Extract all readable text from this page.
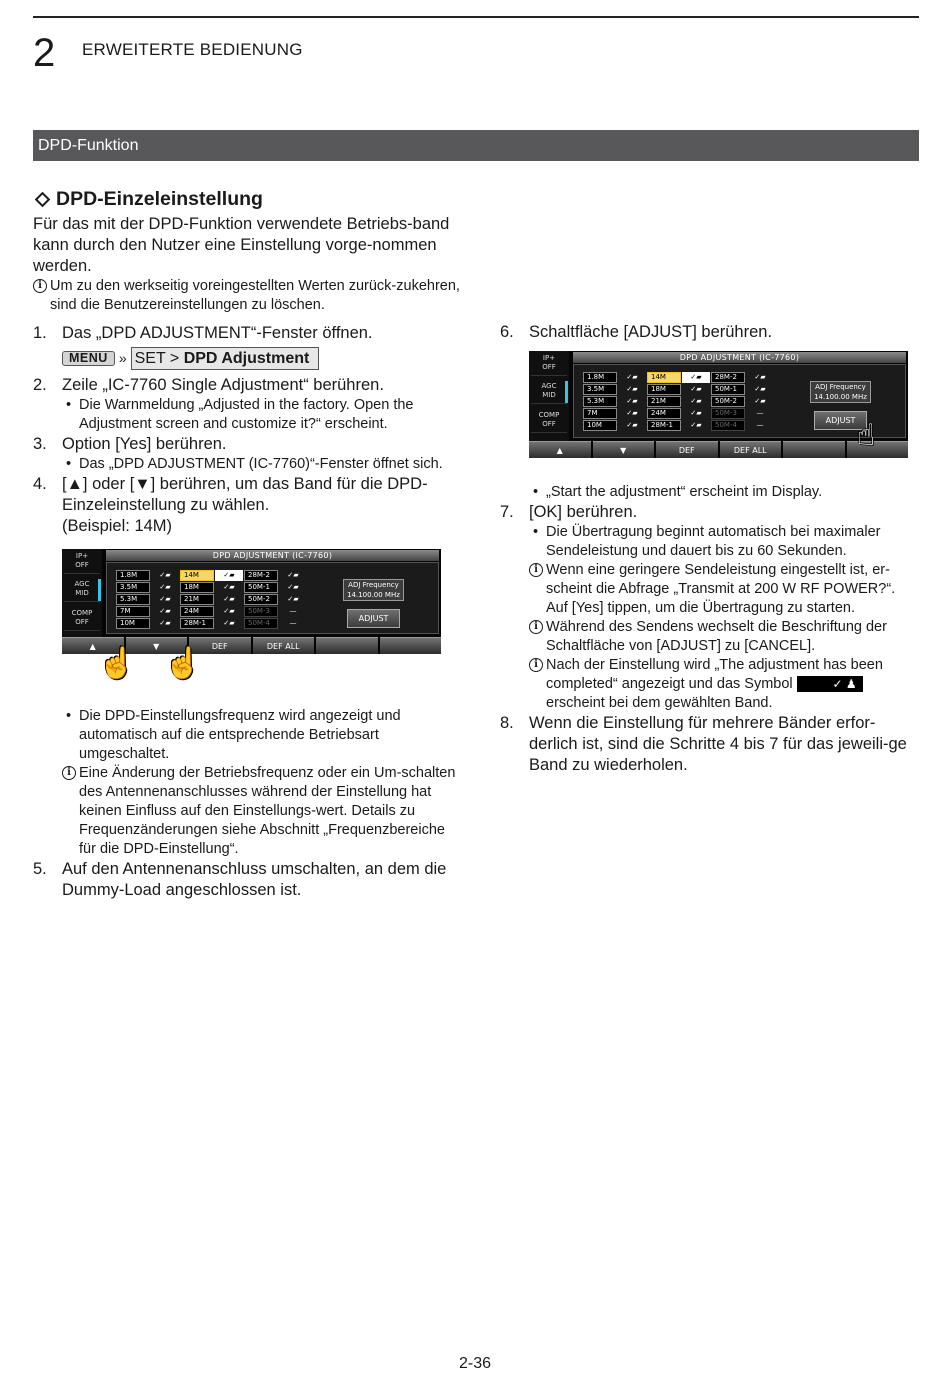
2 ERWEITERTE BEDIENUNG
DPD-Funktion
DPD-Einzeleinstellung
Für das mit der DPD-Funktion verwendete Betriebs-band kann durch den Nutzer eine Einstellung vorge-nommen werden.
i Um zu den werkseitig voreingestellten Werten zurück-zukehren, sind die Benutzereinstellungen zu löschen.
1. Das „DPD ADJUSTMENT“-Fenster öffnen.
MENU » SET > DPD Adjustment
2. Zeile „IC-7760 Single Adjustment“ berühren.
• Die Warnmeldung „Adjusted in the factory. Open the Adjustment screen and customize it?“ erscheint.
3. Option [Yes] berühren.
• Das „DPD ADJUSTMENT (IC-7760)“-Fenster öffnet sich.
4. [▲] oder [▼] berühren, um das Band für die DPD-Einzeleinstellung zu wählen.
(Beispiel: 14M)
IP+
OFF
AGC
MID
COMP
OFF
DPD ADJUSTMENT (IC-7760)
1.8M	✓▰	14M	✓▰	28M-2	✓▰
3.5M	✓▰	18M	✓▰	50M-1	✓▰
5.3M	✓▰	21M	✓▰	50M-2	✓▰
7M	✓▰	24M	✓▰	50M-3	—
10M	✓▰	28M-1	✓▰	50M-4	—
ADJ Frequency
14.100.00 MHz
ADJUST
▲	▼	DEF	DEF ALL
☝ ☝
• Die DPD-Einstellungsfrequenz wird angezeigt und automatisch auf die entsprechende Betriebsart umgeschaltet.
i Eine Änderung der Betriebsfrequenz oder ein Um-schalten des Antennenanschlusses während der Einstellung hat keinen Einfluss auf den Einstellungs-wert. Details zu Frequenzänderungen siehe Abschnitt „Frequenzbereiche für die DPD-Einstellung“.
5. Auf den Antennenanschluss umschalten, an dem die Dummy-Load angeschlossen ist.
6. Schaltfläche [ADJUST] berühren.
IP+
OFF
AGC
MID
COMP
OFF
DPD ADJUSTMENT (IC-7760)
1.8M	✓▰	14M	✓▰	28M-2	✓▰
3.5M	✓▰	18M	✓▰	50M-1	✓▰
5.3M	✓▰	21M	✓▰	50M-2	✓▰
7M	✓▰	24M	✓▰	50M-3	—
10M	✓▰	28M-1	✓▰	50M-4	—
ADJ Frequency
14.100.00 MHz
ADJUST
▲	▼	DEF	DEF ALL	☝
• „Start the adjustment“ erscheint im Display.
7. [OK] berühren.
• Die Übertragung beginnt automatisch bei maximaler Sendeleistung und dauert bis zu 60 Sekunden.
i Wenn eine geringere Sendeleistung eingestellt ist, er-scheint die Abfrage „Transmit at 200 W RF POWER?“. Auf [Yes] tippen, um die Übertragung zu starten.
i Während des Sendens wechselt die Beschriftung der Schaltfläche von [ADJUST] zu [CANCEL].
i Nach der Einstellung wird „The adjustment has been completed“ angezeigt und das Symbol	✓ ♟ erscheint bei dem gewählten Band.
8. Wenn die Einstellung für mehrere Bänder erfor-derlich ist, sind die Schritte 4 bis 7 für das jeweili-ge Band zu wiederholen.
2-36
